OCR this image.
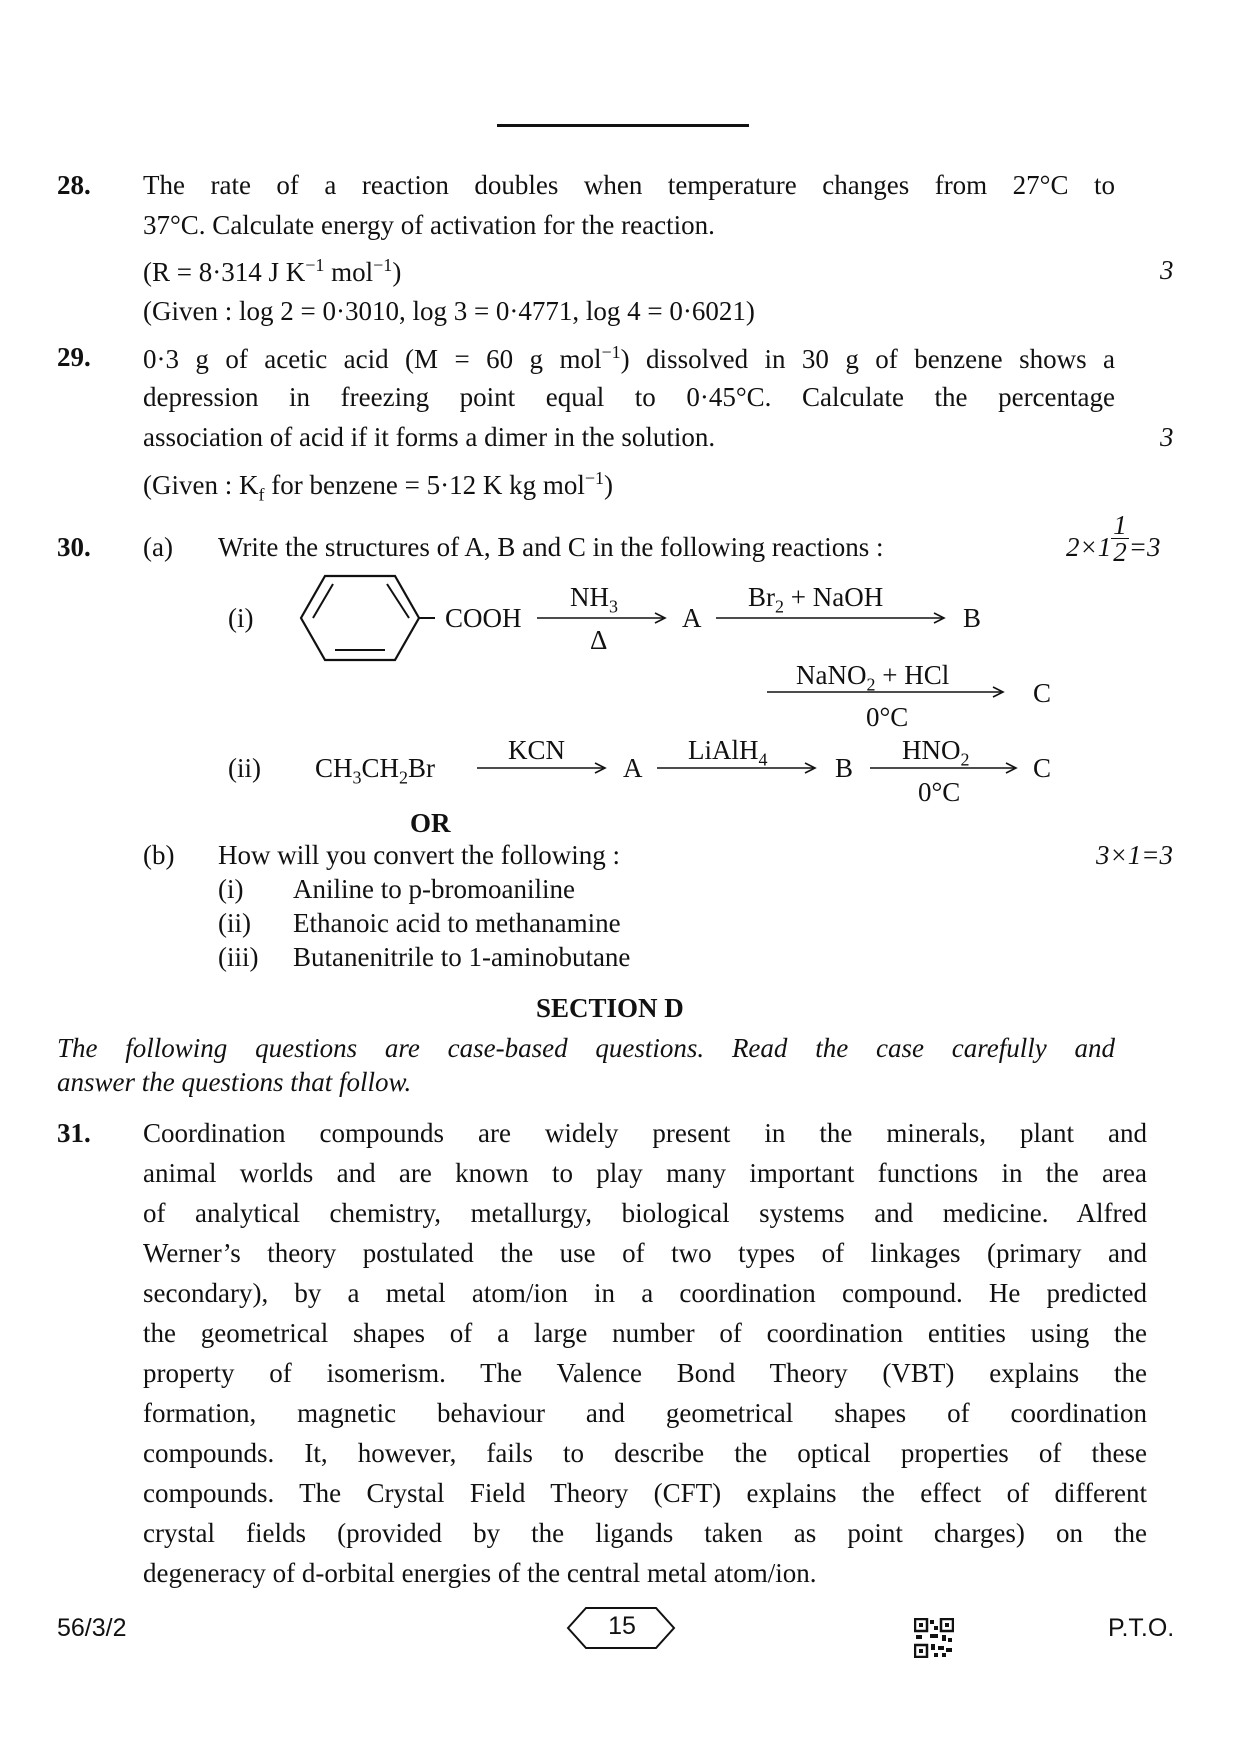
28. The rate of a reaction doubles when temperature changes from 27°C to
37°C. Calculate energy of activation for the reaction.
(R = 8·314 J $K^{-1}$ mol$^{-1}$)	3
(Given : log 2 = 0·3010, log 3 = 0·4771, log 4 = 0·6021)
29. 0·3 g of acetic acid (M = 60 g mol$^{-1}$) dissolved in 30 g of benzene shows a
depression in freezing point equal to 0·45°C. Calculate the percentage
association of acid if it forms a dimer in the solution.	3
(Given : $K_f$ for benzene = 5·12 K kg mol$^{-1}$)
30. (a) Write the structures of A, B and C in the following reactions :	$2\times 1 \frac{1}{2} =3$
(i)	COOH
$NH_3$
Δ
A
$Br_2$ + NaOH
B
NaNO$_2$ + HCl
0°C
C
(ii) $CH_3CH_2Br$
KCN
A
LiAlH$_4$	B
$HNO_2$
0°C
C
OR
(b) How will you convert the following :	3×1=3
(i) Aniline to p-bromoaniline
(ii) Ethanoic acid to methanamine
(iii) Butanenitrile to 1-aminobutane
SECTION D
The following questions are case-based questions. Read the case carefully and
answer the questions that follow.
31. Coordination compounds are widely present in the minerals, plant and
animal worlds and are known to play many important functions in the area
of analytical chemistry, metallurgy, biological systems and medicine. Alfred
Werner’s theory postulated the use of two types of linkages (primary and
secondary), by a metal atom/ion in a coordination compound. He predicted
the geometrical shapes of a large number of coordination entities using the
property of isomerism. The Valence Bond Theory (VBT) explains the
formation, magnetic behaviour and geometrical shapes of coordination
compounds. It, however, fails to describe the optical properties of these
compounds. The Crystal Field Theory (CFT) explains the effect of different
crystal fields (provided by the ligands taken as point charges) on the
degeneracy of d-orbital energies of the central metal atom/ion.
56/3/2	15	P.T.O.
